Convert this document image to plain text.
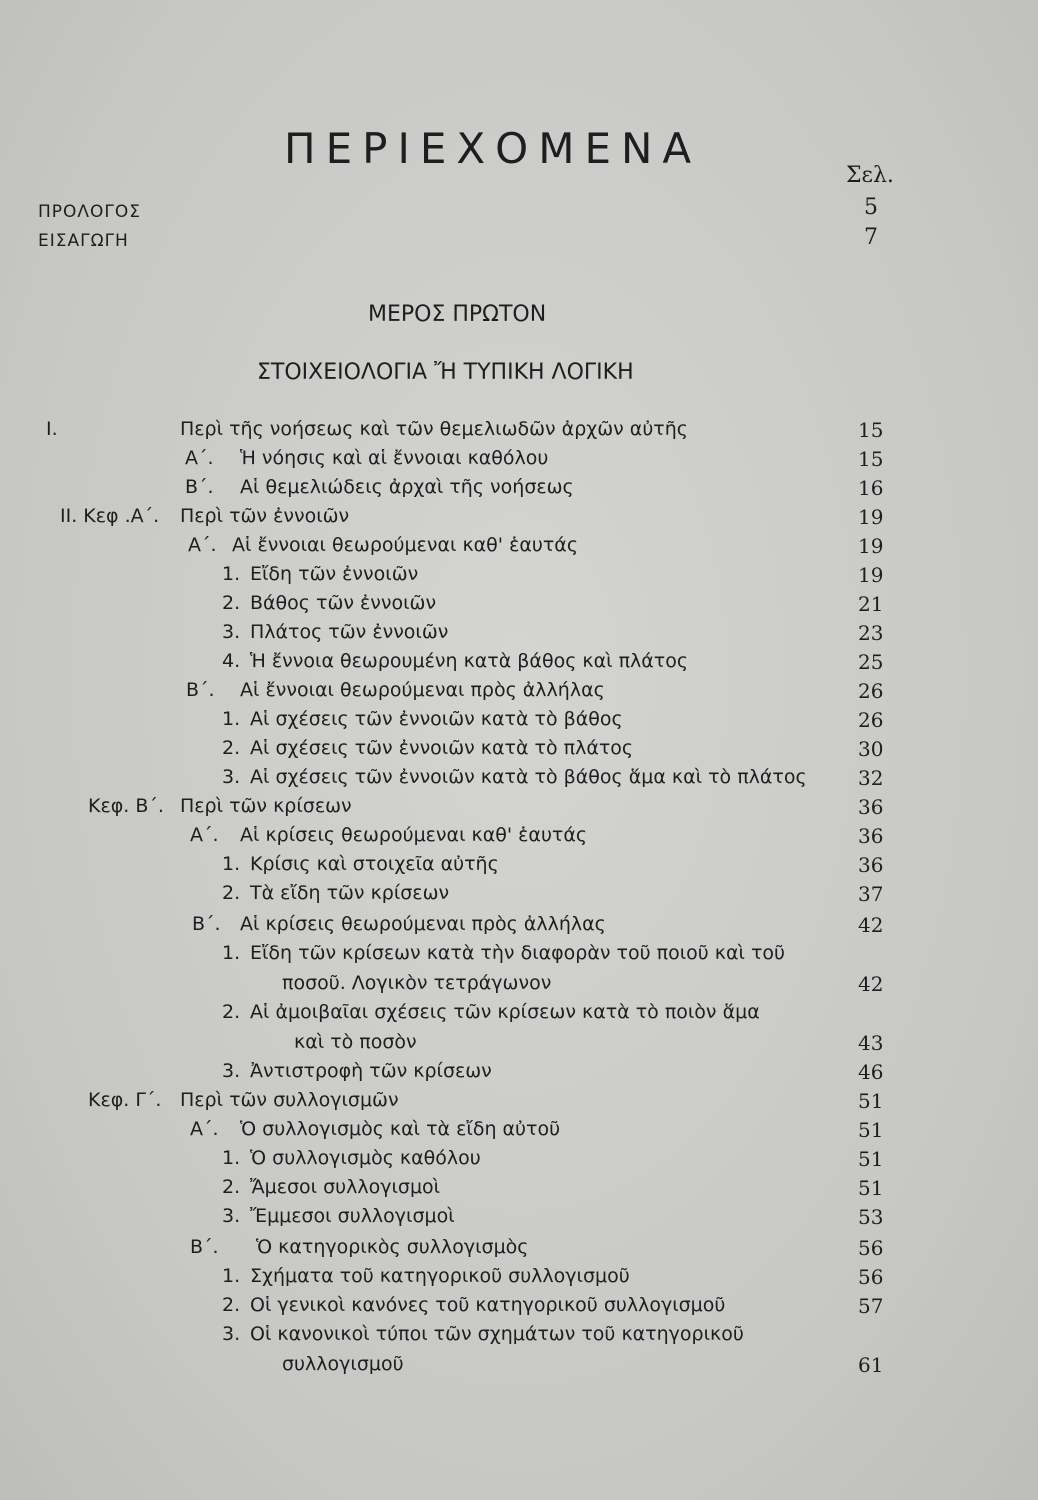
ΠΕΡΙΕΧΟΜΕΝΑ
Σελ.
ΠΡΟΛΟΓΟΣ	5
ΕΙΣΑΓΩΓΗ	7
ΜΕΡΟΣ ΠΡΩΤΟΝ
ΣΤΟΙΧΕΙΟΛΟΓΙΑ Ἤ ΤΥΠΙΚΗ ΛΟΓΙΚΗ
I.	Περὶ τῆς νοήσεως καὶ τῶν θεμελιωδῶν ἀρχῶν αὐτῆς	15
Α΄. Ἡ νόησις καὶ αἱ ἔννοιαι καθόλου	15
Β΄. Αἱ θεμελιώδεις ἀρχαὶ τῆς νοήσεως	16
II. Κεφ .Α΄. Περὶ τῶν ἐννοιῶν	19
Α΄. Αἱ ἔννοιαι θεωρούμεναι καθ' ἑαυτάς	19
1. Εἴδη τῶν ἐννοιῶν	19
2. Βάθος τῶν ἐννοιῶν	21
3. Πλάτος τῶν ἐννοιῶν	23
4. Ἡ ἔννοια θεωρουμένη κατὰ βάθος καὶ πλάτος	25
Β΄. Αἱ ἔννοιαι θεωρούμεναι πρὸς ἀλλήλας	26
1. Αἱ σχέσεις τῶν ἐννοιῶν κατὰ τὸ βάθος	26
2. Αἱ σχέσεις τῶν ἐννοιῶν κατὰ τὸ πλάτος	30
3. Αἱ σχέσεις τῶν ἐννοιῶν κατὰ τὸ βάθος ἅμα καὶ τὸ πλάτος	32
Κεφ. Β΄. Περὶ τῶν κρίσεων	36
Α΄. Αἱ κρίσεις θεωρούμεναι καθ' ἑαυτάς	36
1. Κρίσις καὶ στοιχεῖα αὐτῆς	36
2. Τὰ εἴδη τῶν κρίσεων	37
Β΄. Αἱ κρίσεις θεωρούμεναι πρὸς ἀλλήλας	42
1. Εἴδη τῶν κρίσεων κατὰ τὴν διαφορὰν τοῦ ποιοῦ καὶ τοῦ
ποσοῦ. Λογικὸν τετράγωνον	42
2. Αἱ ἀμοιβαῖαι σχέσεις τῶν κρίσεων κατὰ τὸ ποιὸν ἅμα
καὶ τὸ ποσὸν	43
3. Ἀντιστροφὴ τῶν κρίσεων	46
Κεφ. Γ΄. Περὶ τῶν συλλογισμῶν	51
Α΄. Ὁ συλλογισμὸς καὶ τὰ εἴδη αὐτοῦ	51
1. Ὁ συλλογισμὸς καθόλου	51
2. Ἄμεσοι συλλογισμοὶ	51
3. Ἔμμεσοι συλλογισμοὶ	53
Β΄. Ὁ κατηγορικὸς συλλογισμὸς	56
1. Σχήματα τοῦ κατηγορικοῦ συλλογισμοῦ	56
2. Οἱ γενικοὶ κανόνες τοῦ κατηγορικοῦ συλλογισμοῦ	57
3. Οἱ κανονικοὶ τύποι τῶν σχημάτων τοῦ κατηγορικοῦ
συλλογισμοῦ	61
